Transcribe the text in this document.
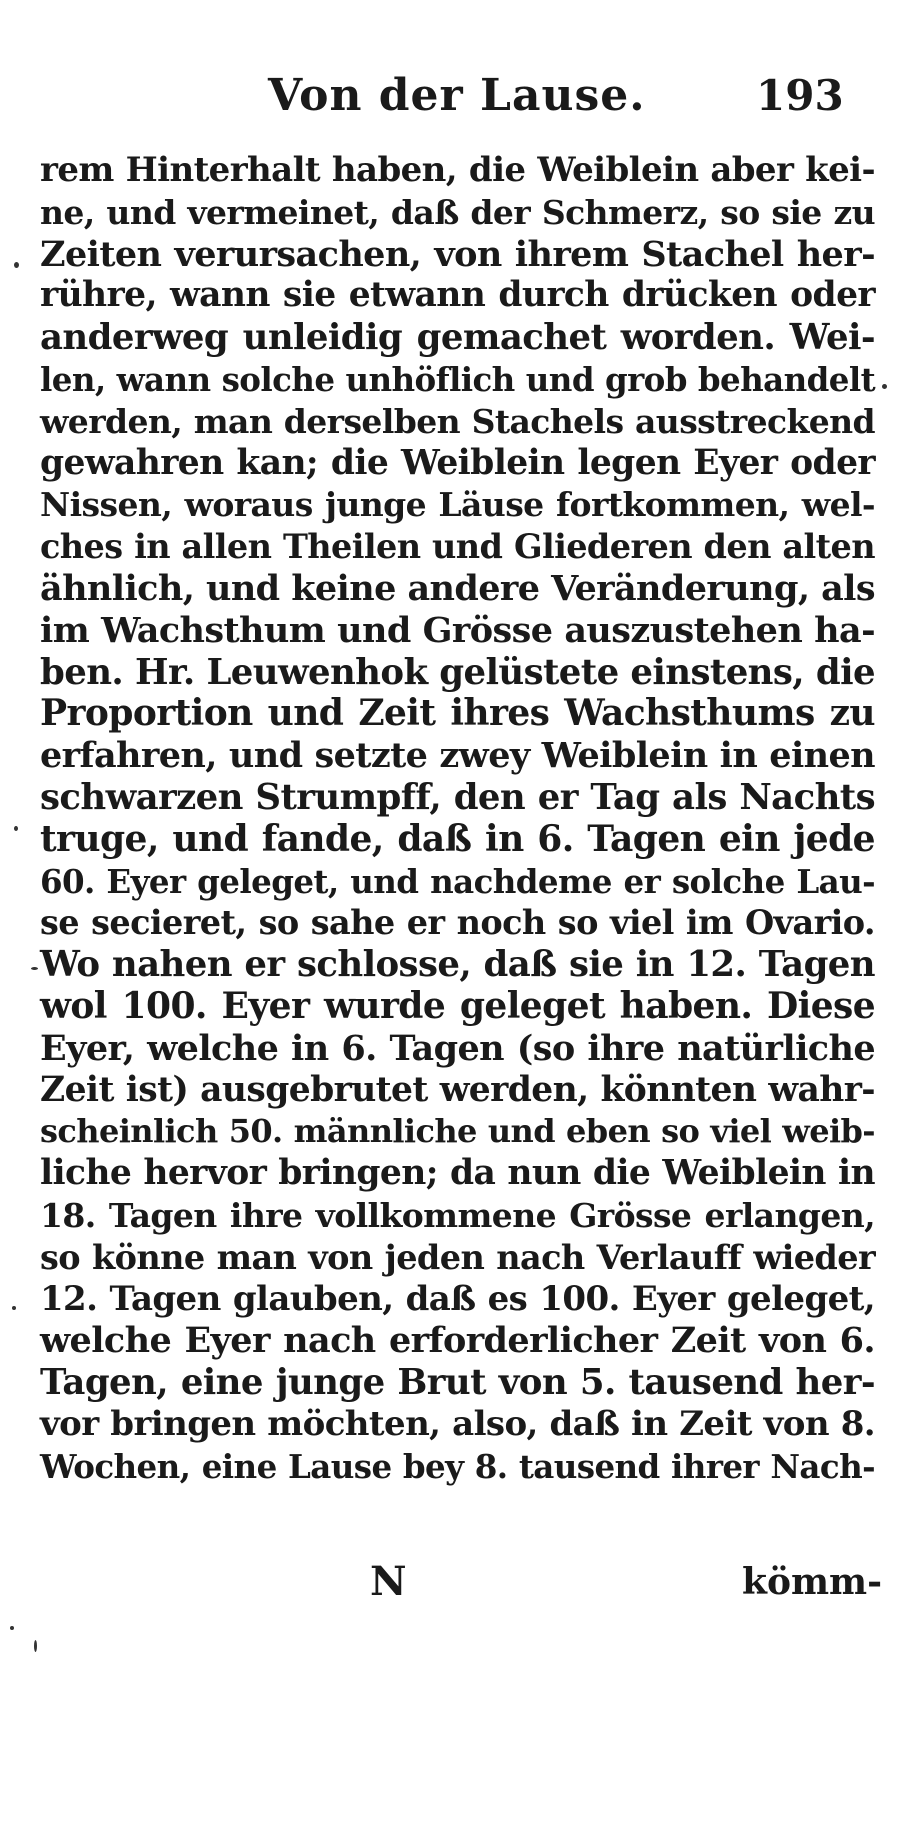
Von der Lause.	193
rem Hinterhalt haben, die Weiblein aber kei-
ne, und vermeinet, daß der Schmerz, so sie zu
Zeiten verursachen, von ihrem Stachel her-
rühre, wann sie etwann durch drücken oder
anderweg unleidig gemachet worden. Wei-
len, wann solche unhöflich und grob behandelt
werden, man derselben Stachels ausstreckend
gewahren kan; die Weiblein legen Eyer oder
Nissen, woraus junge Läuse fortkommen, wel-
ches in allen Theilen und Gliederen den alten
ähnlich, und keine andere Veränderung, als
im Wachsthum und Grösse auszustehen ha-
ben. Hr. Leuwenhok gelüstete einstens, die
Proportion und Zeit ihres Wachsthums zu
erfahren, und setzte zwey Weiblein in einen
schwarzen Strumpff, den er Tag als Nachts
truge, und fande, daß in 6. Tagen ein jede
60. Eyer geleget, und nachdeme er solche Lau-
se secieret, so sahe er noch so viel im Ovario.
Wo nahen er schlosse, daß sie in 12. Tagen
wol 100. Eyer wurde geleget haben. Diese
Eyer, welche in 6. Tagen (so ihre natürliche
Zeit ist) ausgebrutet werden, könnten wahr-
scheinlich 50. männliche und eben so viel weib-
liche hervor bringen; da nun die Weiblein in
18. Tagen ihre vollkommene Grösse erlangen,
so könne man von jeden nach Verlauff wieder
12. Tagen glauben, daß es 100. Eyer geleget,
welche Eyer nach erforderlicher Zeit von 6.
Tagen, eine junge Brut von 5. tausend her-
vor bringen möchten, also, daß in Zeit von 8.
Wochen, eine Lause bey 8. tausend ihrer Nach-
N	kömm-
